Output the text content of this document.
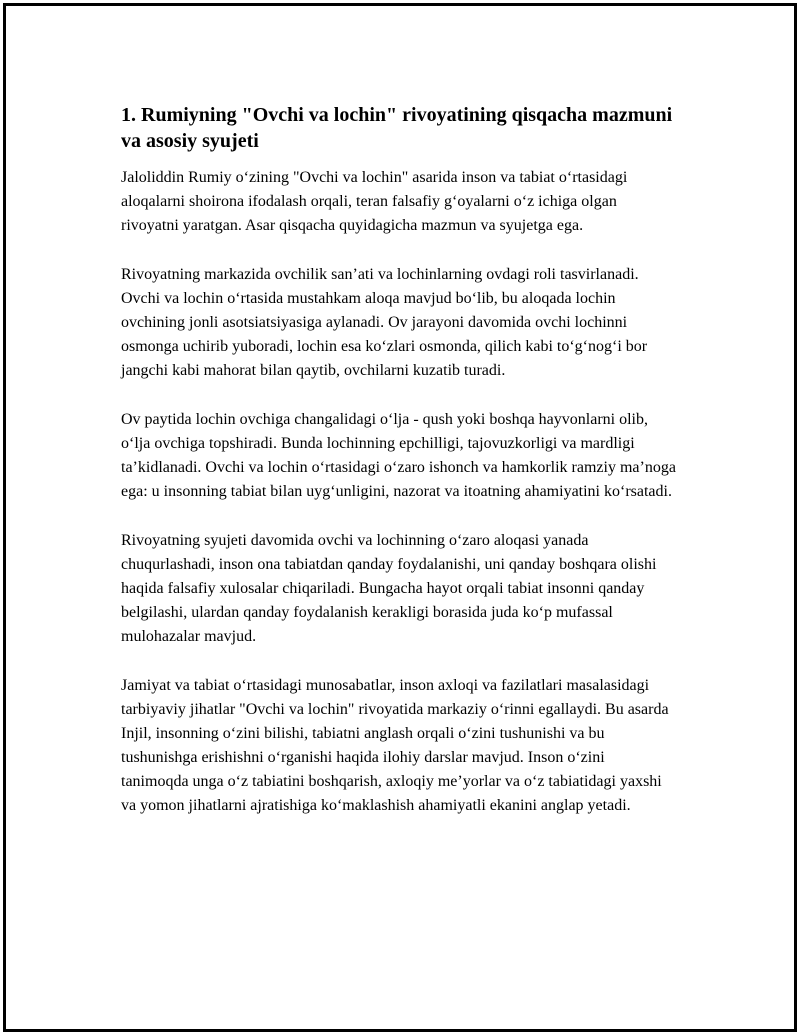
1. Rumiyning "Ovchi va lochin" rivoyatining qisqacha mazmuni va asosiy syujeti

Jaloliddin Rumiy o‘zining "Ovchi va lochin" asarida inson va tabiat o‘rtasidagi aloqalarni shoirona ifodalash orqali, teran falsafiy g‘oyalarni o‘z ichiga olgan rivoyatni yaratgan. Asar qisqacha quyidagicha mazmun va syujetga ega.

Rivoyatning markazida ovchilik san’ati va lochinlarning ovdagi roli tasvirlanadi. Ovchi va lochin o‘rtasida mustahkam aloqa mavjud bo‘lib, bu aloqada lochin ovchining jonli asotsiatsiyasiga aylanadi. Ov jarayoni davomida ovchi lochinni osmonga uchirib yuboradi, lochin esa ko‘zlari osmonda, qilich kabi to‘g‘nog‘i bor jangchi kabi mahorat bilan qaytib, ovchilarni kuzatib turadi.

Ov paytida lochin ovchiga changalidagi o‘lja - qush yoki boshqa hayvonlarni olib, o‘lja ovchiga topshiradi. Bunda lochinning epchilligi, tajovuzkorligi va mardligi ta’kidlanadi. Ovchi va lochin o‘rtasidagi o‘zaro ishonch va hamkorlik ramziy ma’noga ega: u insonning tabiat bilan uyg‘unligini, nazorat va itoatning ahamiyatini ko‘rsatadi.

Rivoyatning syujeti davomida ovchi va lochinning o‘zaro aloqasi yanada chuqurlashadi, inson ona tabiatdan qanday foydalanishi, uni qanday boshqara olishi haqida falsafiy xulosalar chiqariladi. Bungacha hayot orqali tabiat insonni qanday belgilashi, ulardan qanday foydalanish kerakligi borasida juda ko‘p mufassal mulohazalar mavjud.

Jamiyat va tabiat o‘rtasidagi munosabatlar, inson axloqi va fazilatlari masalasidagi tarbiyaviy jihatlar "Ovchi va lochin" rivoyatida markaziy o‘rinni egallaydi. Bu asarda Injil, insonning o‘zini bilishi, tabiatni anglash orqali o‘zini tushunishi va bu tushunishga erishishni o‘rganishi haqida ilohiy darslar mavjud. Inson o‘zini tanimoqda unga o‘z tabiatini boshqarish, axloqiy me’yorlar va o‘z tabiatidagi yaxshi va yomon jihatlarni ajratishiga ko‘maklashish ahamiyatli ekanini anglap yetadi.
